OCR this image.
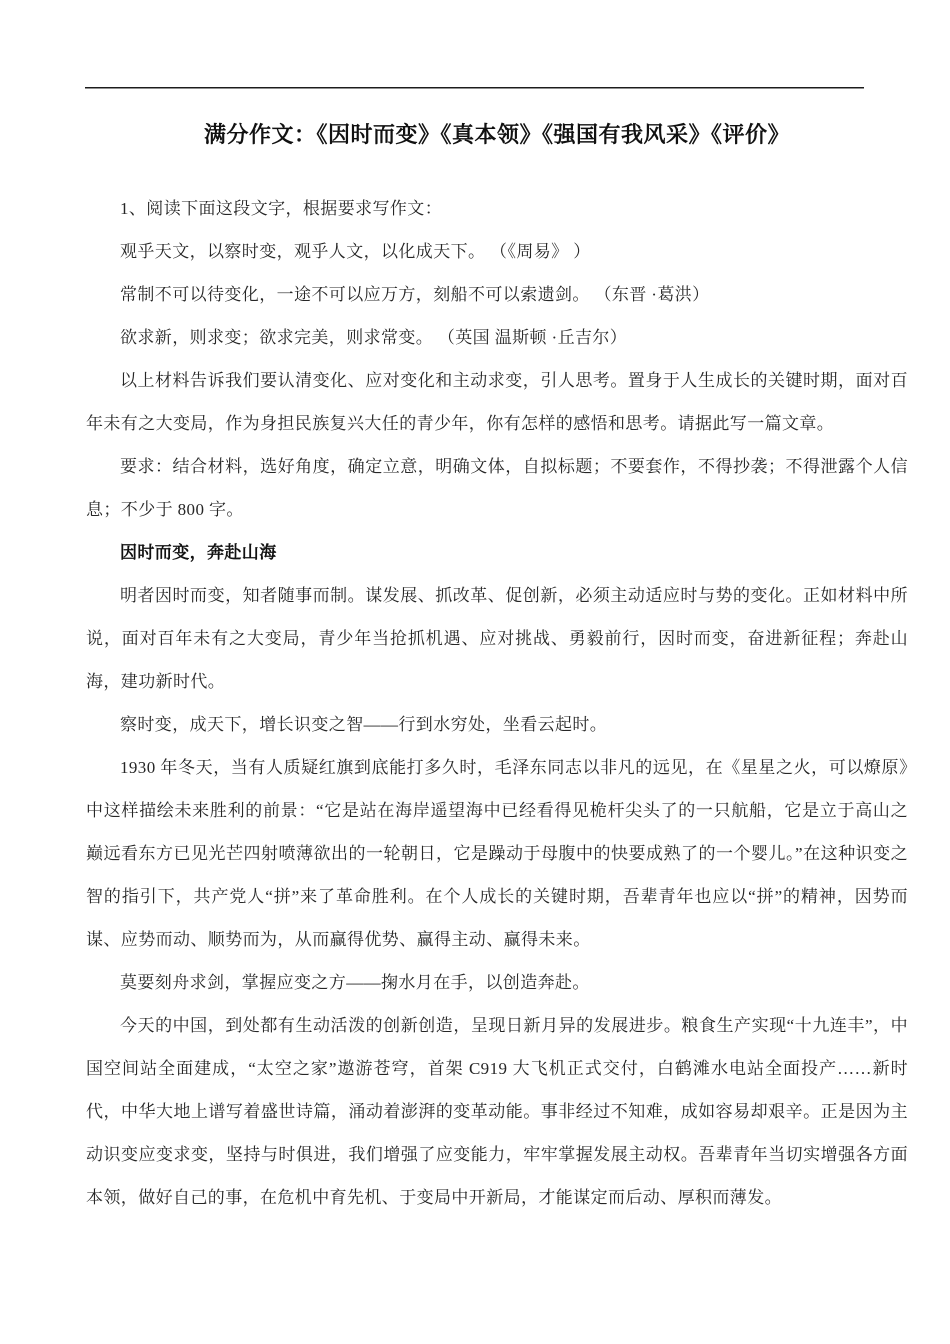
满分作文：《因时而变》《真本领》《强国有我风采》《评价》

1、阅读下面这段文字，根据要求写作文：

观乎天文，以察时变，观乎人文，以化成天下。 （《周易》 ）

常制不可以待变化，一途不可以应万方，刻船不可以索遗剑。 （东晋 ·葛洪）

欲求新，则求变；欲求完美，则求常变。 （英国 温斯顿 ·丘吉尔）

以上材料告诉我们要认清变化、应对变化和主动求变，引人思考。置身于人生成长的关键时期，面对百年未有之大变局，作为身担民族复兴大任的青少年，你有怎样的感悟和思考。请据此写一篇文章。

要求：结合材料，选好角度，确定立意，明确文体，自拟标题；不要套作，不得抄袭；不得泄露个人信息；不少于 800 字。

因时而变，奔赴山海

明者因时而变，知者随事而制。谋发展、抓改革、促创新，必须主动适应时与势的变化。正如材料中所说，面对百年未有之大变局，青少年当抢抓机遇、应对挑战、勇毅前行，因时而变，奋进新征程；奔赴山海，建功新时代。

察时变，成天下，增长识变之智——行到水穷处，坐看云起时。

1930 年冬天，当有人质疑红旗到底能打多久时，毛泽东同志以非凡的远见，在《星星之火，可以燎原》中这样描绘未来胜利的前景：“它是站在海岸遥望海中已经看得见桅杆尖头了的一只航船，它是立于高山之巅远看东方已见光芒四射喷薄欲出的一轮朝日，它是躁动于母腹中的快要成熟了的一个婴儿。”在这种识变之智的指引下，共产党人“拼”来了革命胜利。在个人成长的关键时期，吾辈青年也应以“拼”的精神，因势而谋、应势而动、顺势而为，从而赢得优势、赢得主动、赢得未来。

莫要刻舟求剑，掌握应变之方——掬水月在手，以创造奔赴。

今天的中国，到处都有生动活泼的创新创造，呈现日新月异的发展进步。粮食生产实现“十九连丰”，中国空间站全面建成，“太空之家”遨游苍穹，首架 C919 大飞机正式交付，白鹤滩水电站全面投产……新时代，中华大地上谱写着盛世诗篇，涌动着澎湃的变革动能。事非经过不知难，成如容易却艰辛。正是因为主动识变应变求变，坚持与时俱进，我们增强了应变能力，牢牢掌握发展主动权。吾辈青年当切实增强各方面本领，做好自己的事，在危机中育先机、于变局中开新局，才能谋定而后动、厚积而薄发。
